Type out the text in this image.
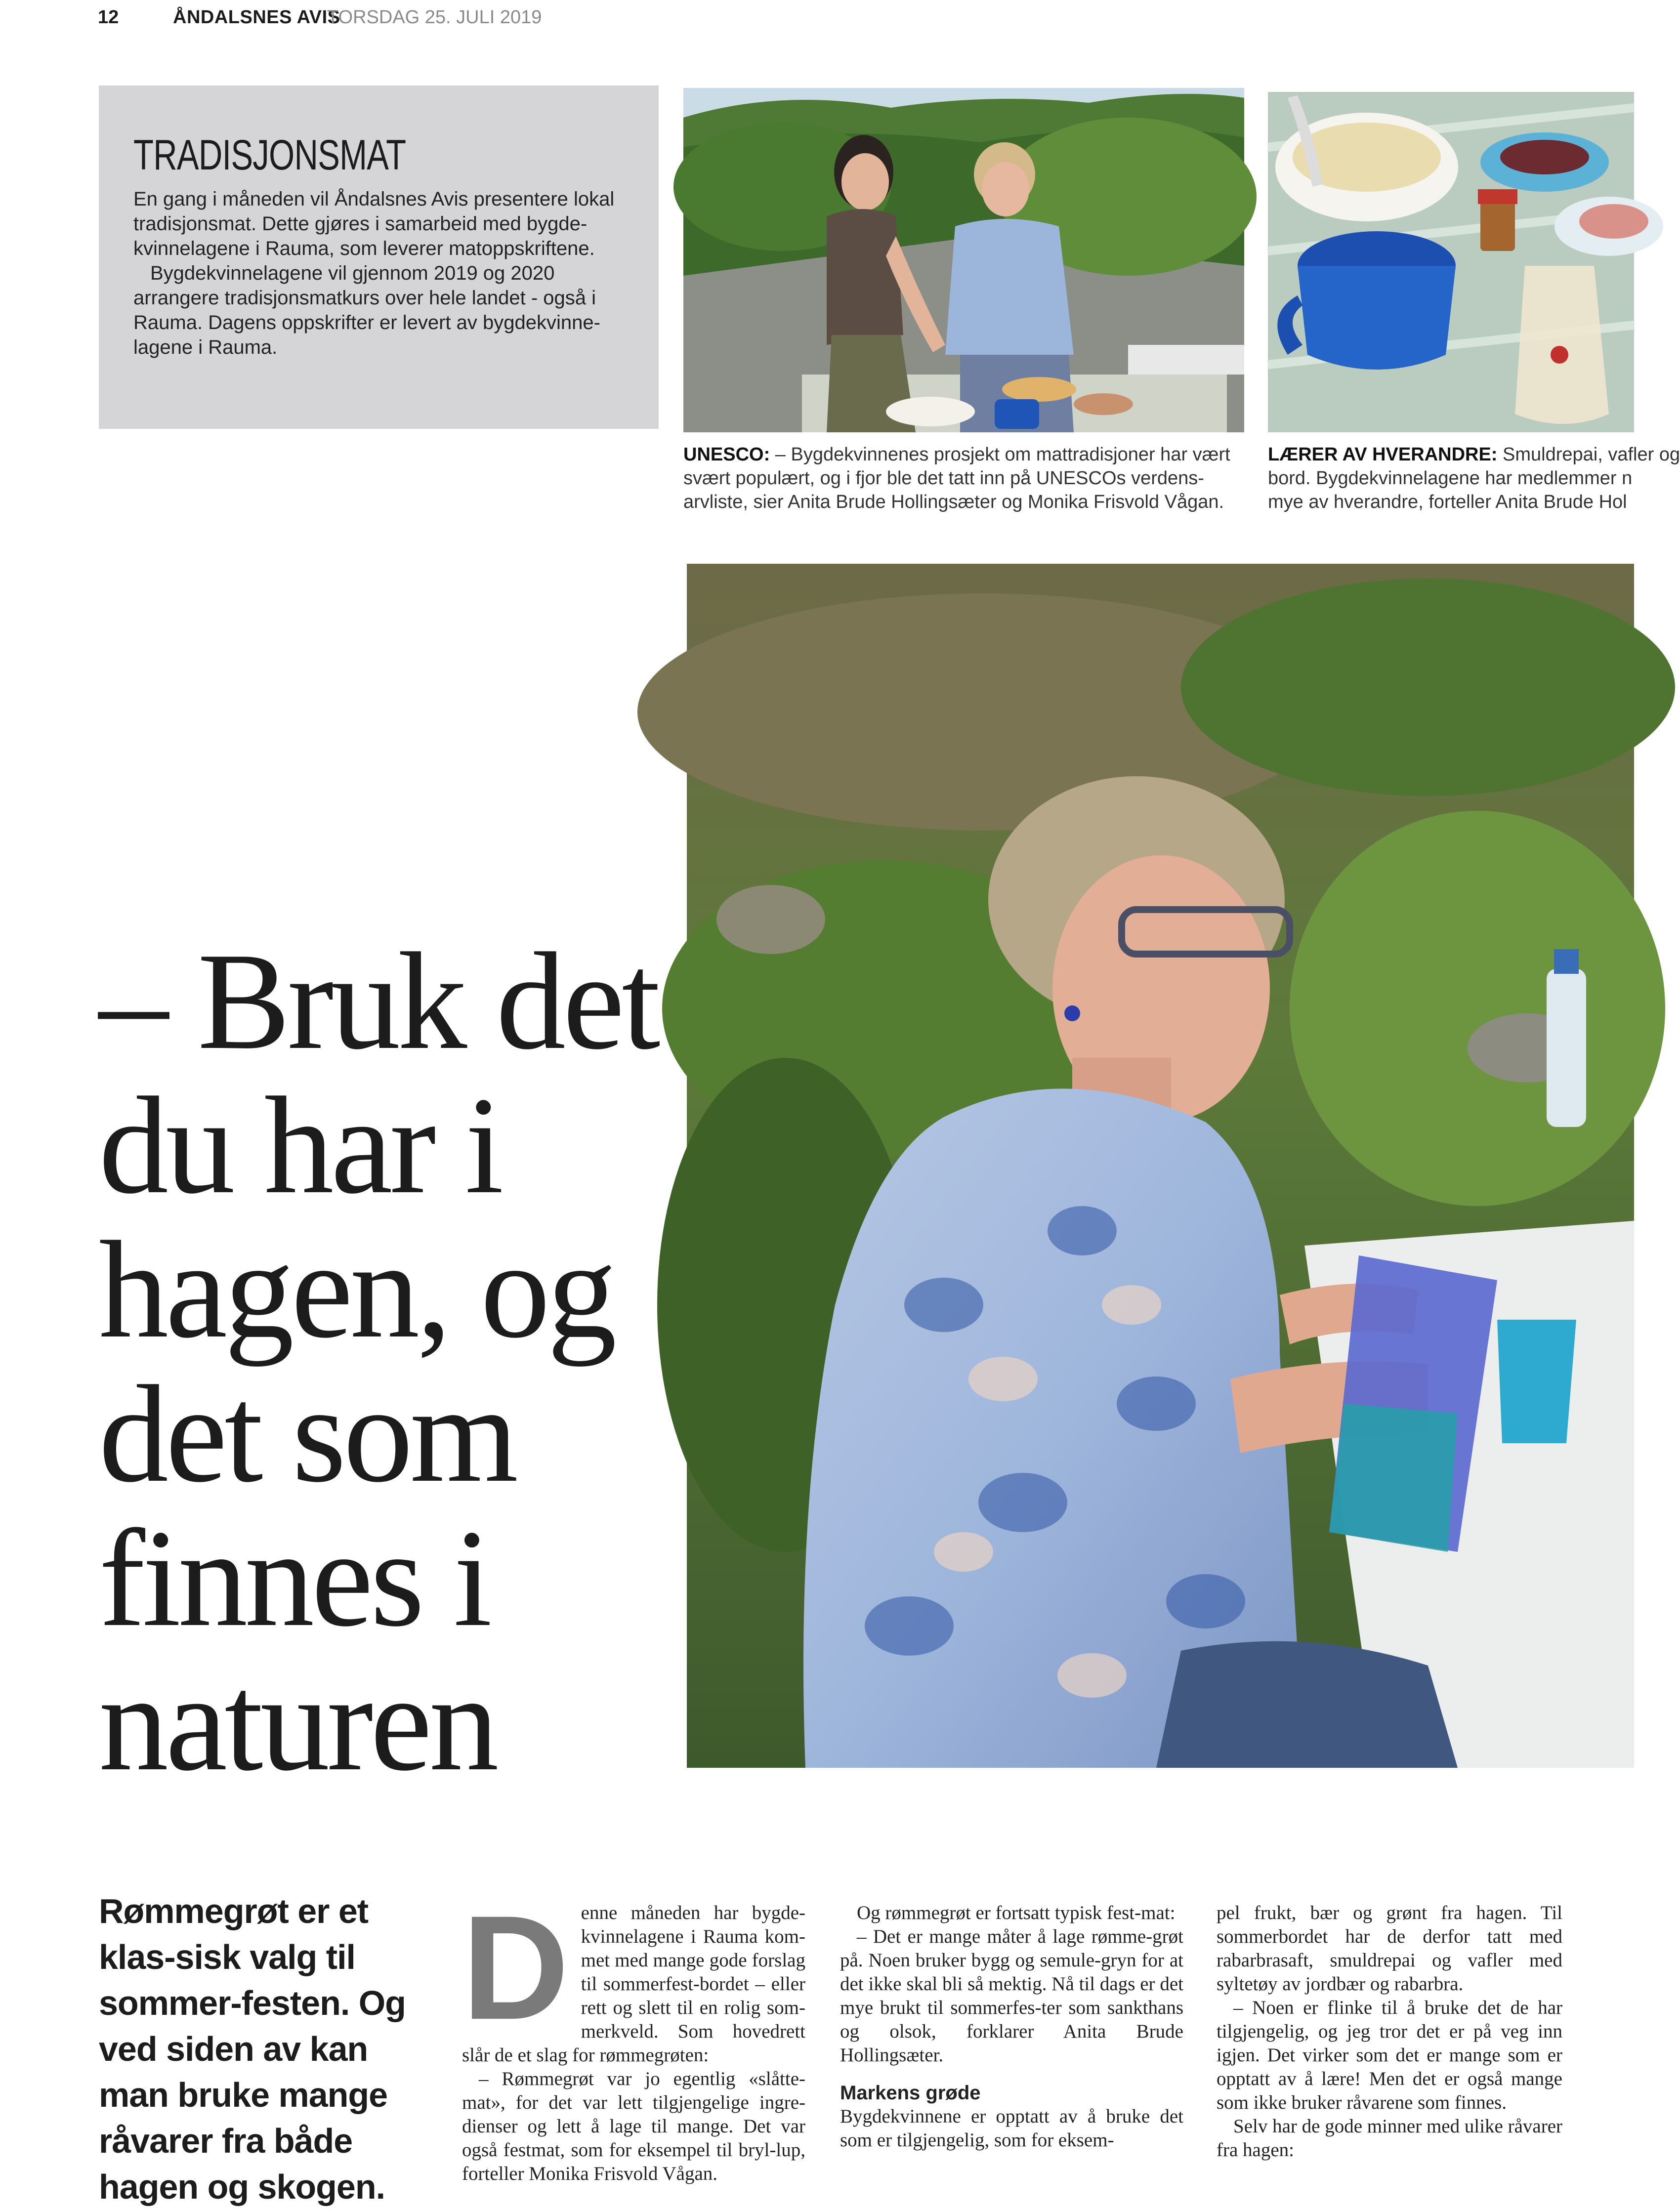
12	ÅNDALSNES AVIS
TORSDAG 25. JULI 2019
TRADISJONSMAT

En gang i måneden vil Åndalsnes Avis presentere lokal tradisjonsmat. Dette gjøres i samarbeid med bygde-kvinnelagene i Rauma, som leverer matoppskriftene.

Bygdekvinnelagene vil gjennom 2019 og 2020 arrangere tradisjonsmatkurs over hele landet - også i Rauma. Dagens oppskrifter er levert av bygdekvinne-lagene i Rauma.

UNESCO: – Bygdekvinnenes prosjekt om mattradisjoner har vært svært populært, og i fjor ble det tatt inn på UNESCOs verdens-arvliste, sier Anita Brude Hollingsæter og Monika Frisvold Vågan.
LÆRER AV HVERANDRE: Smuldrepai, vafler og
bord. Bygdekvinnelagene har medlemmer n
mye av hverandre, forteller Anita Brude Hol
– Bruk det
du har i
hagen, og
det som
finnes i
naturen
Rømmegrøt er et klas-sisk valg til sommer-festen. Og ved siden av kan man bruke mange råvarer fra både hagen og skogen.
D enne måneden har bygde-kvinnelagene i Rauma kom-met med mange gode forslag til sommerfest-bordet – eller rett og slett til en rolig som-merkveld. Som hovedrett slår de et slag for rømmegrøten:

– Rømmegrøt var jo egentlig «slåtte-mat», for det var lett tilgjengelige ingre-dienser og lett å lage til mange. Det var også festmat, som for eksempel til bryl-lup, forteller Monika Frisvold Vågan.

Og rømmegrøt er fortsatt typisk fest-mat:

– Det er mange måter å lage rømme-grøt på. Noen bruker bygg og semule-gryn for at det ikke skal bli så mektig. Nå til dags er det mye brukt til sommerfes-ter som sankthans og olsok, forklarer Anita Brude Hollingsæter.

Markens grøde

Bygdekvinnene er opptatt av å bruke det som er tilgjengelig, som for eksem-

pel frukt, bær og grønt fra hagen. Til sommerbordet har de derfor tatt med rabarbrasaft, smuldrepai og vafler med syltetøy av jordbær og rabarbra.

– Noen er flinke til å bruke det de har tilgjengelig, og jeg tror det er på veg inn igjen. Det virker som det er mange som er opptatt av å lære! Men det er også mange som ikke bruker råvarene som finnes.

Selv har de gode minner med ulike råvarer fra hagen:
